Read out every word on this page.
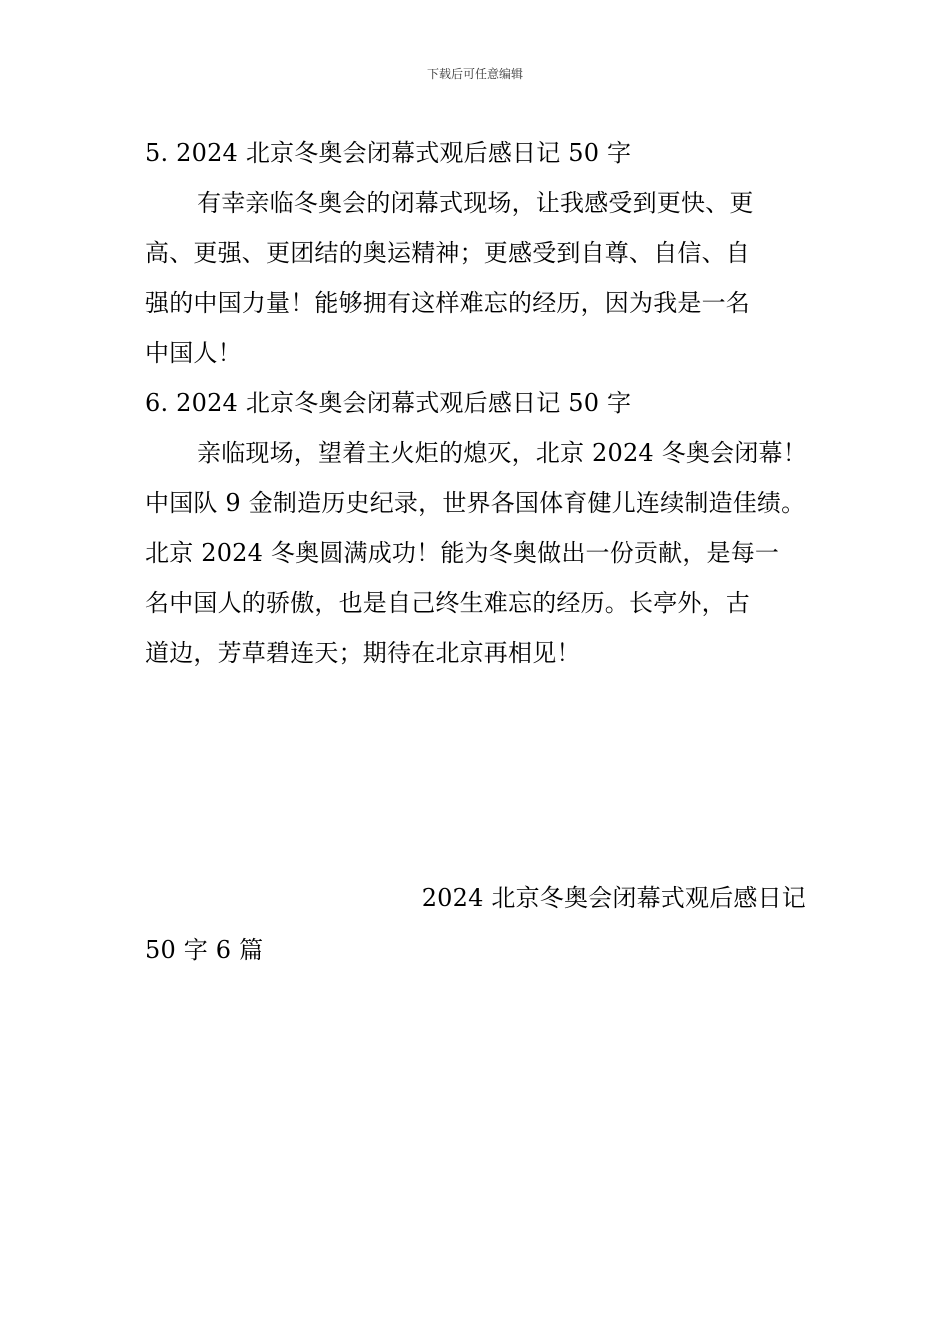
下载后可任意编辑

5. 2024 北京冬奥会闭幕式观后感日记 50 字

有幸亲临冬奥会的闭幕式现场，让我感受到更快、更

高、更强、更团结的奥运精神；更感受到自尊、自信、自

强的中国力量！能够拥有这样难忘的经历，因为我是一名

中国人！

6. 2024 北京冬奥会闭幕式观后感日记 50 字

亲临现场，望着主火炬的熄灭，北京 2024 冬奥会闭幕！

中国队 9 金制造历史纪录，世界各国体育健儿连续制造佳绩。

北京 2024 冬奥圆满成功！能为冬奥做出一份贡献，是每一

名中国人的骄傲，也是自己终生难忘的经历。长亭外，古

道边，芳草碧连天；期待在北京再相见！

2024 北京冬奥会闭幕式观后感日记

50 字 6 篇
